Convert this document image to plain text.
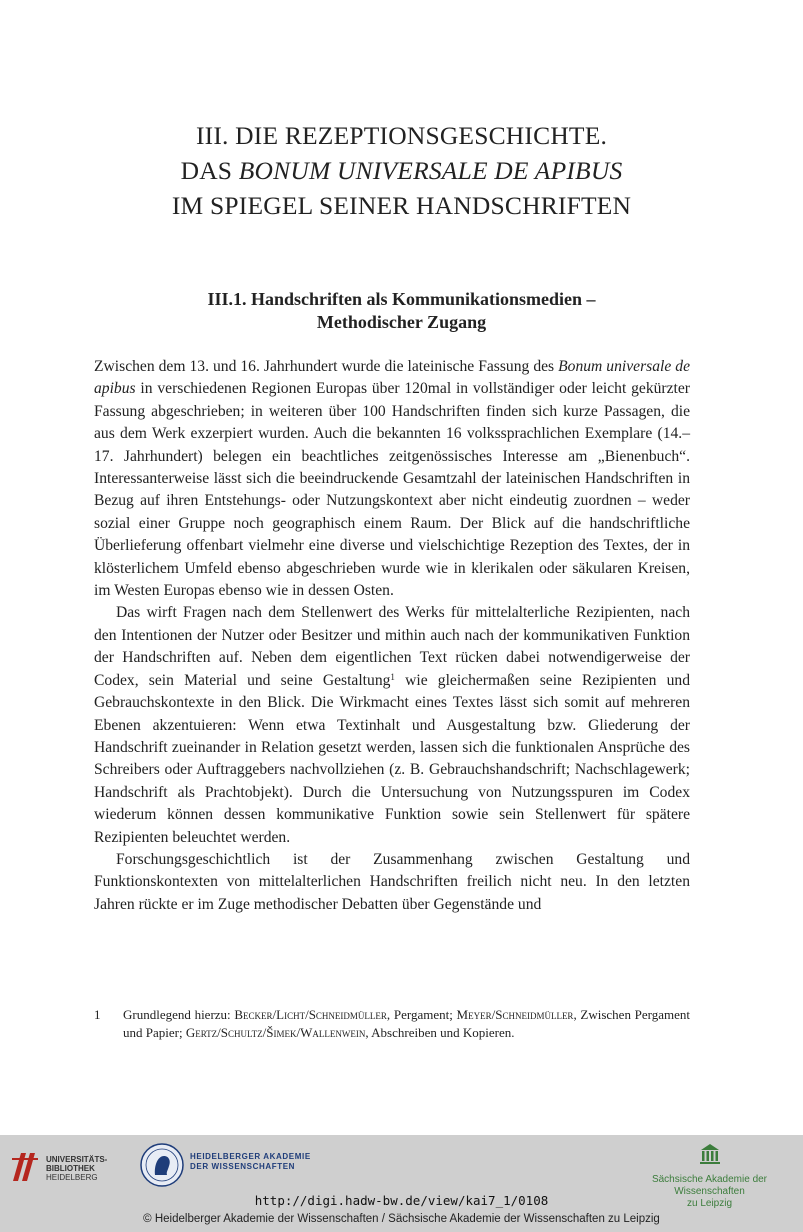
III. DIE REZEPTIONSGESCHICHTE.
DAS BONUM UNIVERSALE DE APIBUS
IM SPIEGEL SEINER HANDSCHRIFTEN
III.1. Handschriften als Kommunikationsmedien –
Methodischer Zugang

Zwischen dem 13. und 16. Jahrhundert wurde die lateinische Fassung des Bonum universale de apibus in verschiedenen Regionen Europas über 120mal in vollständiger oder leicht gekürzter Fassung abgeschrieben; in weiteren über 100 Handschriften finden sich kurze Passagen, die aus dem Werk exzerpiert wurden. Auch die bekannten 16 volkssprachlichen Exemplare (14.–17. Jahrhundert) belegen ein beachtliches zeitgenössisches Interesse am „Bienenbuch“. Interessanterweise lässt sich die beeindruckende Gesamtzahl der lateinischen Handschriften in Bezug auf ihren Entstehungs- oder Nutzungskontext aber nicht eindeutig zuordnen – weder sozial einer Gruppe noch geographisch einem Raum. Der Blick auf die handschriftliche Überlieferung offenbart vielmehr eine diverse und vielschichtige Rezeption des Textes, der in klösterlichem Umfeld ebenso abgeschrieben wurde wie in klerikalen oder säkularen Kreisen, im Westen Europas ebenso wie in dessen Osten.

Das wirft Fragen nach dem Stellenwert des Werks für mittelalterliche Rezipienten, nach den Intentionen der Nutzer oder Besitzer und mithin auch nach der kommunikativen Funktion der Handschriften auf. Neben dem eigentlichen Text rücken dabei notwendigerweise der Codex, sein Material und seine Gestaltung$^1$ wie gleichermaßen seine Rezipienten und Gebrauchskontexte in den Blick. Die Wirkmacht eines Textes lässt sich somit auf mehreren Ebenen akzentuieren: Wenn etwa Textinhalt und Ausgestaltung bzw. Gliederung der Handschrift zueinander in Relation gesetzt werden, lassen sich die funktionalen Ansprüche des Schreibers oder Auftraggebers nachvollziehen (z. B. Gebrauchshandschrift; Nachschlagewerk; Handschrift als Prachtobjekt). Durch die Untersuchung von Nutzungsspuren im Codex wiederum können dessen kommunikative Funktion sowie sein Stellenwert für spätere Rezipienten beleuchtet werden.

Forschungsgeschichtlich ist der Zusammenhang zwischen Gestaltung und Funktionskontexten von mittelalterlichen Handschriften freilich nicht neu. In den letzten Jahren rückte er im Zuge methodischer Debatten über Gegenstände und

1 Grundlegend hierzu: Becker/Licht/Schneidmüller, Pergament; Meyer/Schneidmüller, Zwischen Pergament und Papier; Gertz/Schultz/Šimek/Wallenwein, Abschreiben und Kopieren.
UNIVERSITÄTS-
BIBLIOTHEK
HEIDELBERG
HEIDELBERGER AKADEMIE
DER WISSENSCHAFTEN
Sächsische Akademie der Wissenschaften
zu Leipzig
http://digi.hadw-bw.de/view/kai7_1/0108
© Heidelberger Akademie der Wissenschaften / Sächsische Akademie der Wissenschaften zu Leipzig
